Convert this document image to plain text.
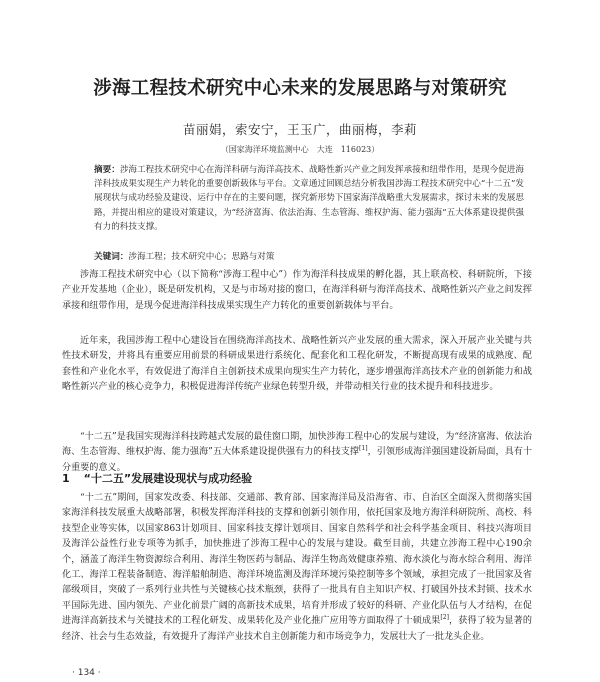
涉海工程技术研究中心未来的发展思路与对策研究
苗丽娟，索安宁，王玉广，曲丽梅，李莉
（国家海洋环境监测中心　大连　116023）

摘要：涉海工程技术研究中心在海洋科研与海洋高技术、战略性新兴产业之间发挥承接和纽带作用，是现今促进海洋科技成果实现生产力转化的重要创新载体与平台。文章通过回顾总结分析我国涉海工程技术研究中心“十二五”发展现状与成功经验及建设、运行中存在的主要问题，探究新形势下国家海洋战略重大发展需求，探讨未来的发展思路，并提出相应的建设对策建议，为“经济富海、依法治海、生态管海、维权护海、能力强海”五大体系建设提供强有力的科技支撑。

关键词：涉海工程；技术研究中心；思路与对策

涉海工程技术研究中心（以下简称“涉海工程中心”）作为海洋科技成果的孵化器，其上联高校、科研院所，下接产业开发基地（企业），既是研发机构，又是与市场对接的窗口，在海洋科研与海洋高技术、战略性新兴产业之间发挥承接和纽带作用，是现今促进海洋科技成果实现生产力转化的重要创新载体与平台。

近年来，我国涉海工程中心建设旨在围绕海洋高技术、战略性新兴产业发展的重大需求，深入开展产业关键与共性技术研发，并将具有重要应用前景的科研成果进行系统化、配套化和工程化研发，不断提高现有成果的成熟度、配套性和产业化水平，有效促进了海洋自主创新技术成果向现实生产力转化，逐步增强海洋高技术产业的创新能力和战略性新兴产业的核心竞争力，积极促进海洋传统产业绿色转型升级，并带动相关行业的技术提升和科技进步。

“十二五”是我国实现海洋科技跨越式发展的最佳窗口期，加快涉海工程中心的发展与建设，为“经济富海、依法治海、生态管海、维权护海、能力强海”五大体系建设提供强有力的科技支撑[1]，引领形成海洋强国建设新局面，具有十分重要的意义。

1 “十二五”发展建设现状与成功经验

“十二五”期间，国家发改委、科技部、交通部、教育部、国家海洋局及沿海省、市、自治区全面深入贯彻落实国家海洋科技发展重大战略部署，积极发挥海洋科技的支撑和创新引领作用，依托国家及地方海洋科研院所、高校、科技型企业等实体，以国家863计划项目、国家科技支撑计划项目、国家自然科学和社会科学基金项目、科技兴海项目及海洋公益性行业专项等为抓手，加快推进了涉海工程中心的发展与建设。截至目前，共建立涉海工程中心190余个，涵盖了海洋生物资源综合利用、海洋生物医药与制品、海洋生物高效健康养殖、海水淡化与海水综合利用、海洋化工、海洋工程装备制造、海洋船舶制造、海洋环境监测及海洋环境污染控制等多个领域，承担完成了一批国家及省部级项目，突破了一系列行业共性与关键核心技术瓶颈，获得了一批具有自主知识产权、打破国外技术封锁、技术水平国际先进、国内领先、产业化前景广阔的高新技术成果，培育并形成了较好的科研、产业化队伍与人才结构，在促进海洋高新技术与关键技术的工程化研发、成果转化及产业化推广应用等方面取得了十硕成果[2]，获得了较为显著的经济、社会与生态效益，有效提升了海洋产业技术自主创新能力和市场竞争力，发展壮大了一批龙头企业。

· 134 ·
